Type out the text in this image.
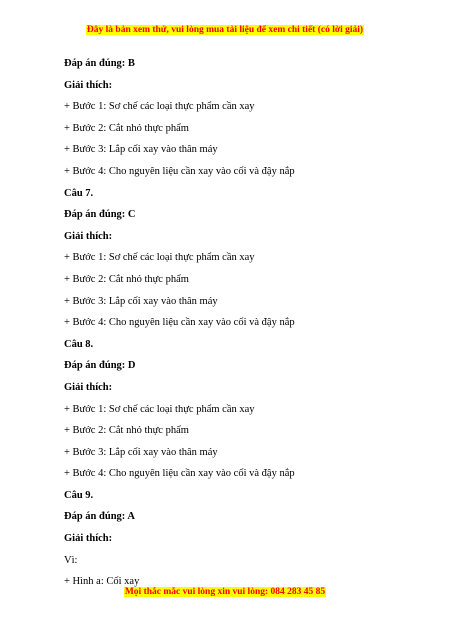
Đây là bản xem thử, vui lòng mua tài liệu để xem chi tiết (có lời giải)
Đáp án đúng: B
Giải thích:
+ Bước 1: Sơ chế các loại thực phẩm cần xay
+ Bước 2: Cắt nhỏ thực phẩm
+ Bước 3: Lắp cối xay vào thân máy
+ Bước 4: Cho nguyên liệu cần xay vào cối và đậy nắp
Câu 7.
Đáp án đúng: C
Giải thích:
+ Bước 1: Sơ chế các loại thực phẩm cần xay
+ Bước 2: Cắt nhỏ thực phẩm
+ Bước 3: Lắp cối xay vào thân máy
+ Bước 4: Cho nguyên liệu cần xay vào cối và đậy nắp
Câu 8.
Đáp án đúng: D
Giải thích:
+ Bước 1: Sơ chế các loại thực phẩm cần xay
+ Bước 2: Cắt nhỏ thực phẩm
+ Bước 3: Lắp cối xay vào thân máy
+ Bước 4: Cho nguyên liệu cần xay vào cối và đậy nắp
Câu 9.
Đáp án đúng: A
Giải thích:
Vì:
+ Hình a: Cối xay
Mọi thắc mắc vui lòng xin vui lòng: 084 283 45 85
